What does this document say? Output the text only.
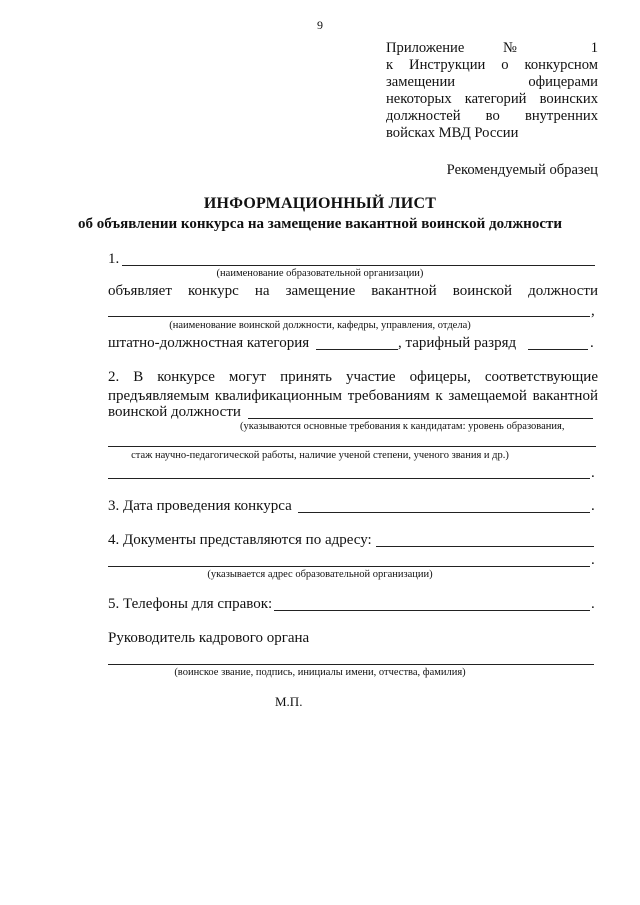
9
Приложение № 1
к Инструкции о конкурсном
замещении офицерами
некоторых категорий воинских
должностей во внутренних
войсках МВД России
Рекомендуемый образец
ИНФОРМАЦИОННЫЙ ЛИСТ
об объявлении конкурса на замещение вакантной воинской должности
1.
(наименование образовательной организации)
объявляет конкурс на замещение вакантной воинской должности
,
(наименование воинской должности, кафедры, управления, отдела)
штатно-должностная категория	, тарифный разряд	.
2. В конкурсе могут принять участие офицеры, соответствующие
предъявляемым квалификационным требованиям к замещаемой вакантной
воинской должности
(указываются основные требования к кандидатам: уровень образования,
стаж научно-педагогической работы, наличие ученой степени, ученого звания и др.)
.
3. Дата проведения конкурса	.
4. Документы представляются по адресу:
.
(указывается адрес образовательной организации)
5. Телефоны для справок:	.
Руководитель кадрового органа
(воинское звание, подпись, инициалы имени, отчества, фамилия)
М.П.
